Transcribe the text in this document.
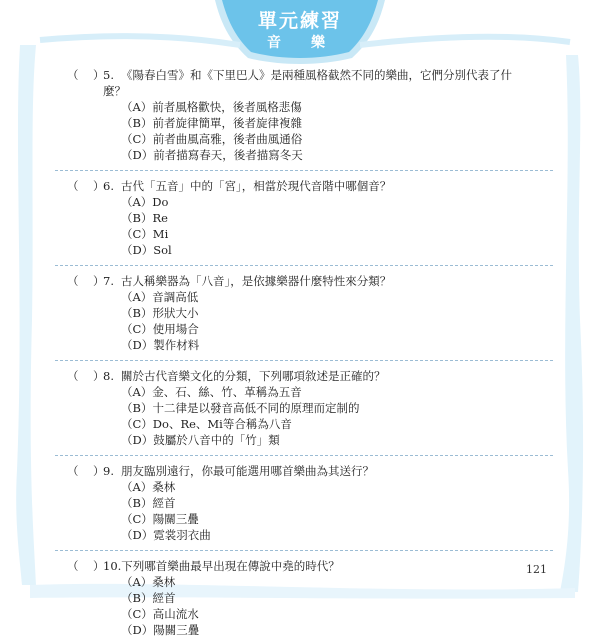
單元練習
音　樂
（ ）
5. 《陽春白雪》和《下里巴人》是兩種風格截然不同的樂曲，它們分別代表了什麼？
（A）前者風格歡快，後者風格悲傷
（B）前者旋律簡單，後者旋律複雜
（C）前者曲風高雅，後者曲風通俗
（D）前者描寫春天，後者描寫冬天
（ ）
6. 古代「五音」中的「宮」，相當於現代音階中哪個音？
（A）Do
（B）Re
（C）Mi
（D）Sol
（ ）
7. 古人稱樂器為「八音」，是依據樂器什麼特性來分類？
（A）音調高低
（B）形狀大小
（C）使用場合
（D）製作材料
（ ）
8. 關於古代音樂文化的分類，下列哪項敘述是正確的？
（A）金、石、絲、竹、革稱為五音
（B）十二律是以發音高低不同的原理而定制的
（C）Do、Re、Mi等合稱為八音
（D）鼓屬於八音中的「竹」類
（ ）
9. 朋友臨別遠行，你最可能選用哪首樂曲為其送行？
（A）桑林
（B）經首
（C）陽關三疊
（D）霓裳羽衣曲
（ ）
10.下列哪首樂曲最早出現在傳說中堯的時代？
（A）桑林
（B）經首
（C）高山流水
（D）陽關三疊
121
